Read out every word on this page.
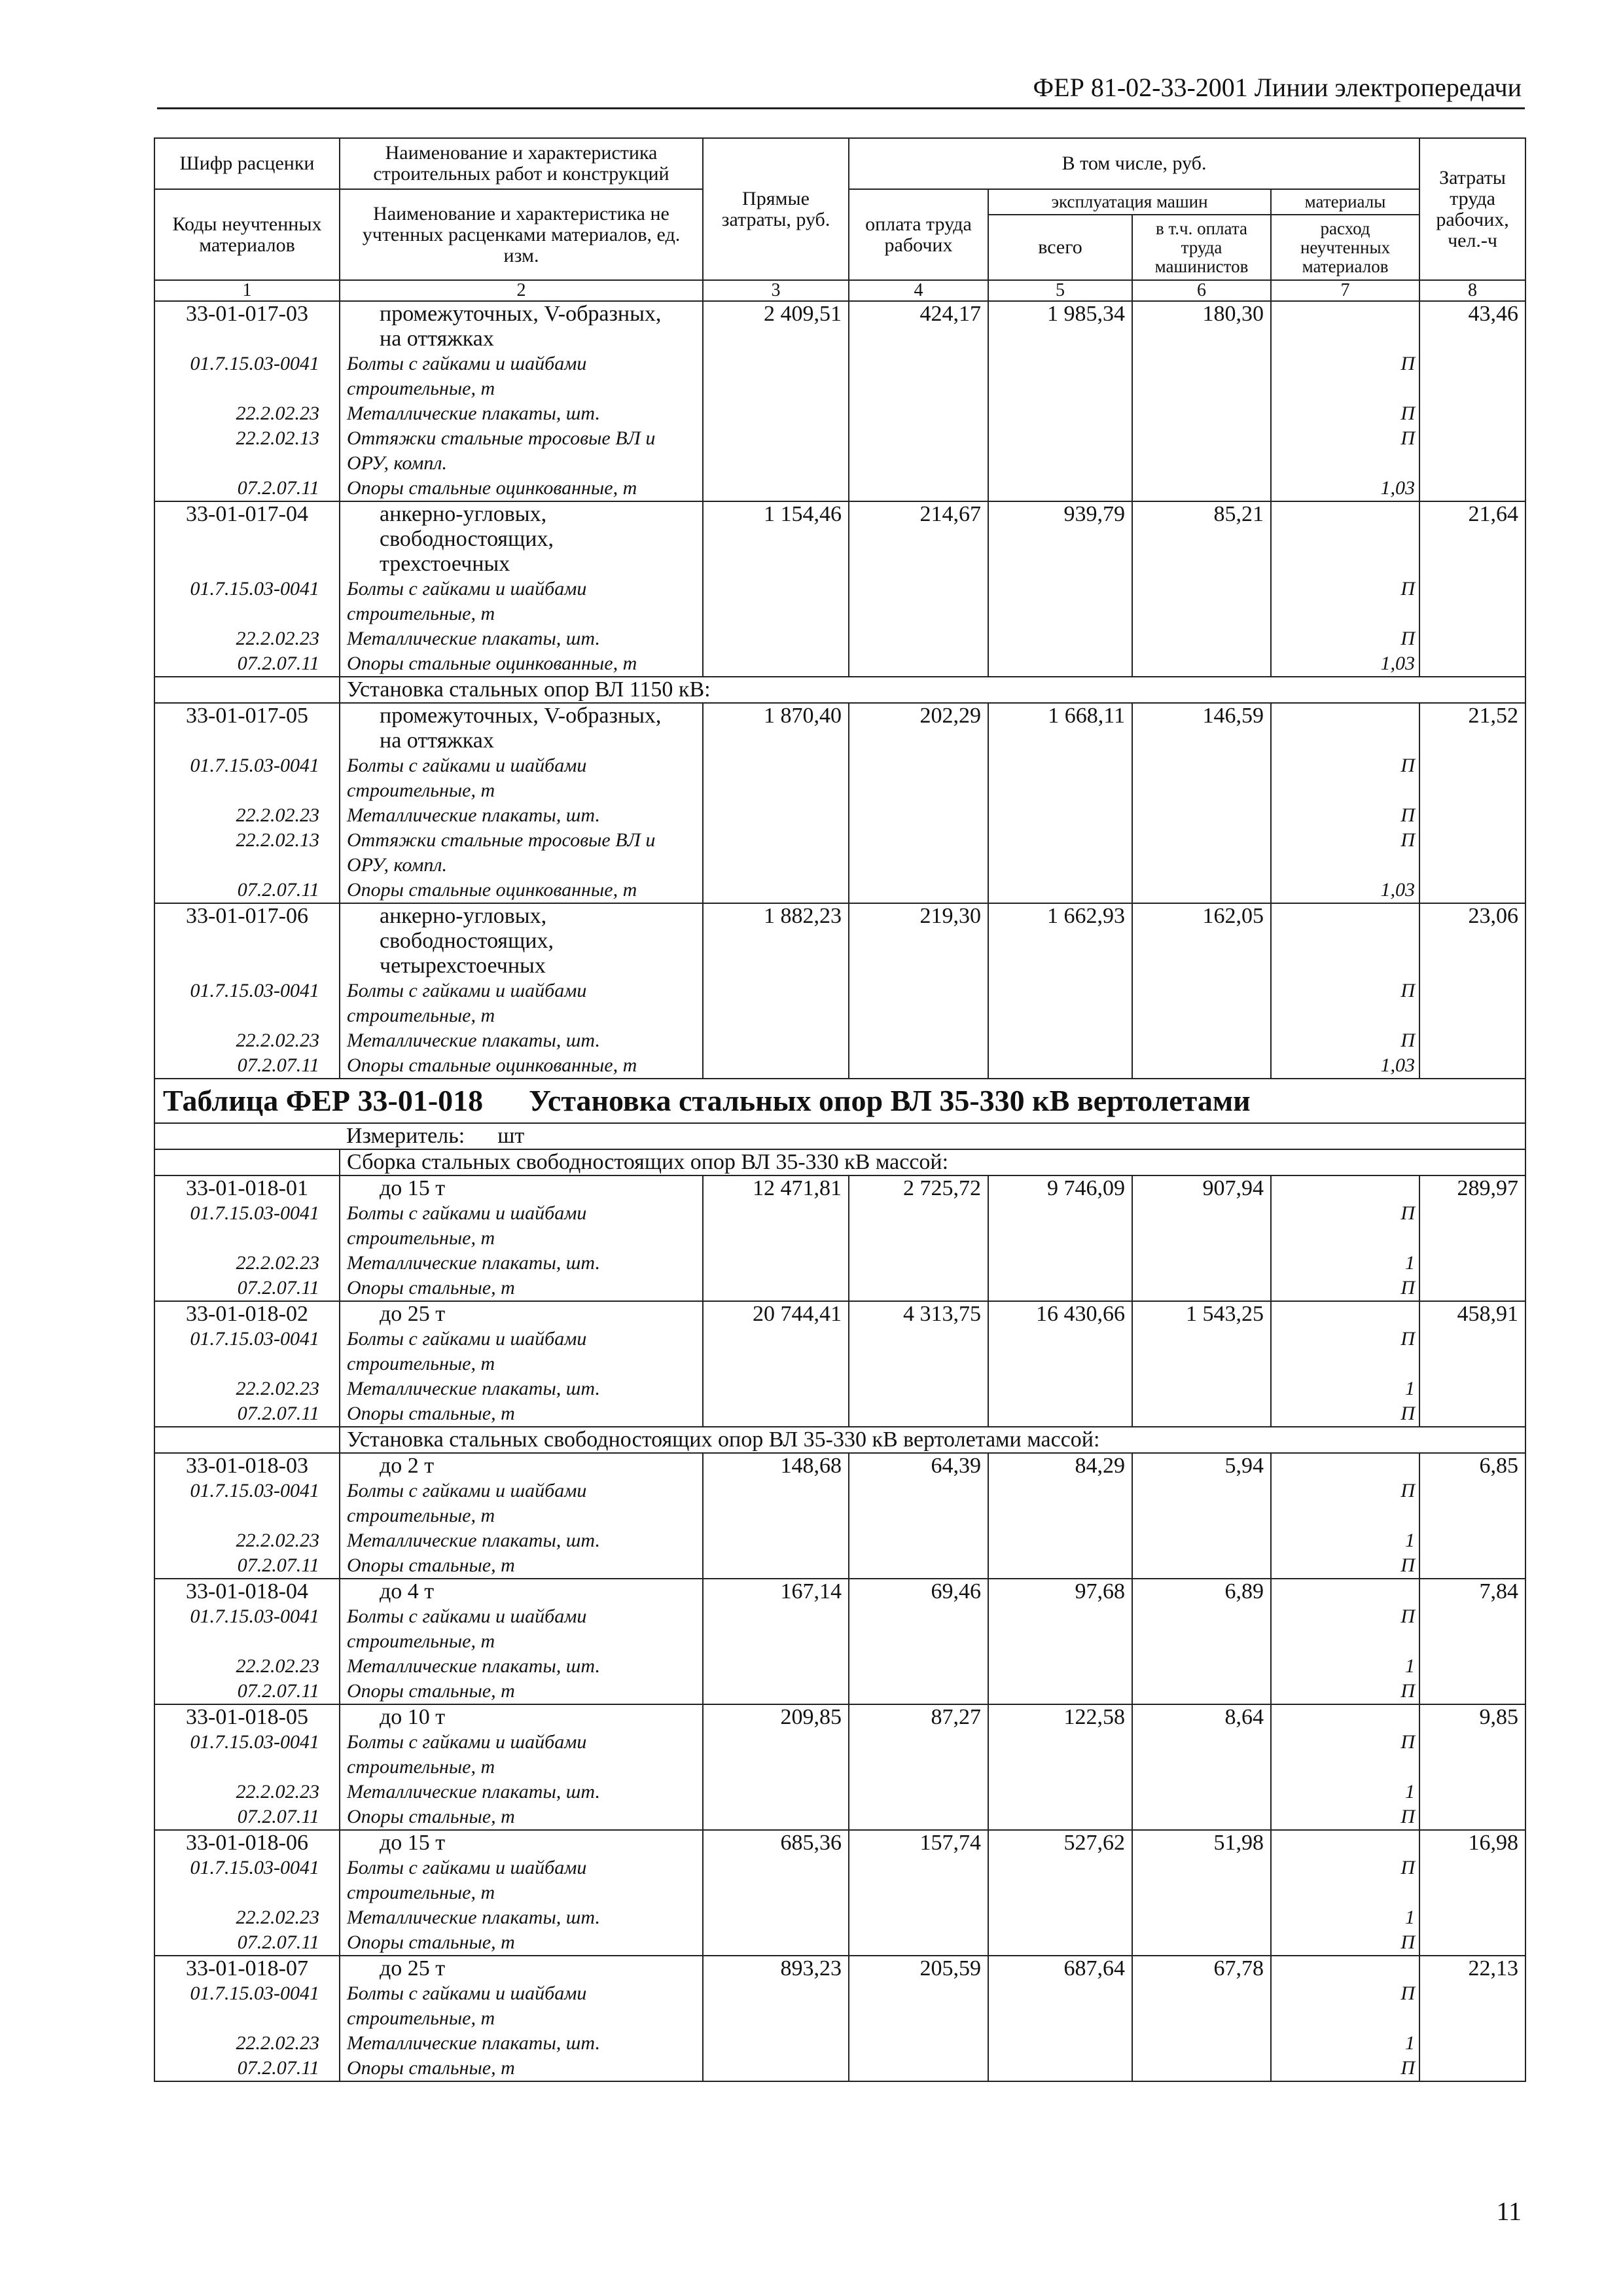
ФЕР 81-02-33-2001 Линии электропередачи
Шифр расценки	Наименование и характеристика строительных работ и конструкций	Прямые затраты, руб.	В том числе, руб.				Затраты труда рабочих, чел.-ч
Коды неучтенных материалов	Наименование и характеристика не учтенных расценками материалов, ед. изм.		оплата труда рабочих	эксплуатация машин		материалы	
				всего	в т.ч. оплата труда машинистов	расход неучтенных материалов	
1	2	3	4	5	6	7	8
33-01-017-03	промежуточных, V-образных,	2 409,51	424,17	1 985,34	180,30		43,46
	на оттяжках						
01.7.15.03-0041	Болты с гайками и шайбами					П	
	строительные, т						
22.2.02.23	Металлические плакаты, шт.					П	
22.2.02.13	Оттяжки стальные тросовые ВЛ и					П	
	ОРУ, компл.						
07.2.07.11	Опоры стальные оцинкованные, т					1,03	
33-01-017-04	анкерно-угловых,	1 154,46	214,67	939,79	85,21		21,64
	свободностоящих,						
	трехстоечных						
01.7.15.03-0041	Болты с гайками и шайбами					П	
	строительные, т						
22.2.02.23	Металлические плакаты, шт.					П	
07.2.07.11	Опоры стальные оцинкованные, т					1,03	
	Установка стальных опор ВЛ 1150 кВ:						
33-01-017-05	промежуточных, V-образных,	1 870,40	202,29	1 668,11	146,59		21,52
	на оттяжках						
01.7.15.03-0041	Болты с гайками и шайбами					П	
	строительные, т						
22.2.02.23	Металлические плакаты, шт.					П	
22.2.02.13	Оттяжки стальные тросовые ВЛ и					П	
	ОРУ, компл.						
07.2.07.11	Опоры стальные оцинкованные, т					1,03	
33-01-017-06	анкерно-угловых,	1 882,23	219,30	1 662,93	162,05		23,06
	свободностоящих,						
	четырехстоечных						
01.7.15.03-0041	Болты с гайками и шайбами					П	
	строительные, т						
22.2.02.23	Металлические плакаты, шт.					П	
07.2.07.11	Опоры стальные оцинкованные, т					1,03	
Таблица ФЕР 33-01-018 Установка стальных опор ВЛ 35-330 кВ вертолетами							
	Измеритель: шт						
	Сборка стальных свободностоящих опор ВЛ 35-330 кВ массой:						
33-01-018-01	до 15 т	12 471,81	2 725,72	9 746,09	907,94		289,97
01.7.15.03-0041	Болты с гайками и шайбами					П	
	строительные, т						
22.2.02.23	Металлические плакаты, шт.					1	
07.2.07.11	Опоры стальные, т					П	
33-01-018-02	до 25 т	20 744,41	4 313,75	16 430,66	1 543,25		458,91
01.7.15.03-0041	Болты с гайками и шайбами					П	
	строительные, т						
22.2.02.23	Металлические плакаты, шт.					1	
07.2.07.11	Опоры стальные, т					П	
	Установка стальных свободностоящих опор ВЛ 35-330 кВ вертолетами массой:						
33-01-018-03	до 2 т	148,68	64,39	84,29	5,94		6,85
01.7.15.03-0041	Болты с гайками и шайбами					П	
	строительные, т						
22.2.02.23	Металлические плакаты, шт.					1	
07.2.07.11	Опоры стальные, т					П	
33-01-018-04	до 4 т	167,14	69,46	97,68	6,89		7,84
01.7.15.03-0041	Болты с гайками и шайбами					П	
	строительные, т						
22.2.02.23	Металлические плакаты, шт.					1	
07.2.07.11	Опоры стальные, т					П	
33-01-018-05	до 10 т	209,85	87,27	122,58	8,64		9,85
01.7.15.03-0041	Болты с гайками и шайбами					П	
	строительные, т						
22.2.02.23	Металлические плакаты, шт.					1	
07.2.07.11	Опоры стальные, т					П	
33-01-018-06	до 15 т	685,36	157,74	527,62	51,98		16,98
01.7.15.03-0041	Болты с гайками и шайбами					П	
	строительные, т						
22.2.02.23	Металлические плакаты, шт.					1	
07.2.07.11	Опоры стальные, т					П	
33-01-018-07	до 25 т	893,23	205,59	687,64	67,78		22,13
01.7.15.03-0041	Болты с гайками и шайбами					П	
	строительные, т						
22.2.02.23	Металлические плакаты, шт.					1	
07.2.07.11	Опоры стальные, т					П	
11
